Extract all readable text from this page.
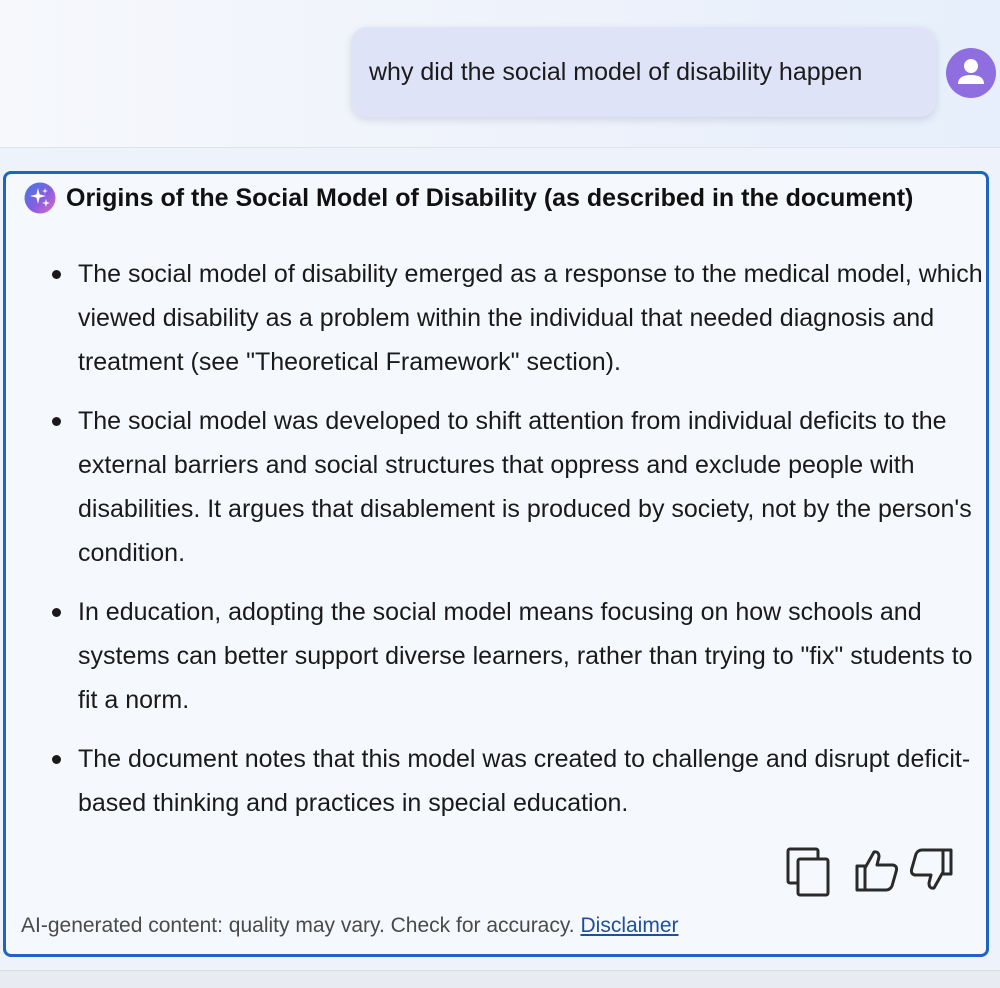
why did the social model of disability happen
Origins of the Social Model of Disability (as described in the document)
The social model of disability emerged as a response to the medical model, which viewed disability as a problem within the individual that needed diagnosis and treatment (see "Theoretical Framework" section).
The social model was developed to shift attention from individual deficits to the external barriers and social structures that oppress and exclude people with disabilities. It argues that disablement is produced by society, not by the person's condition.
In education, adopting the social model means focusing on how schools and systems can better support diverse learners, rather than trying to "fix" students to fit a norm.
The document notes that this model was created to challenge and disrupt deficit-based thinking and practices in special education.
AI-generated content: quality may vary. Check for accuracy. Disclaimer
